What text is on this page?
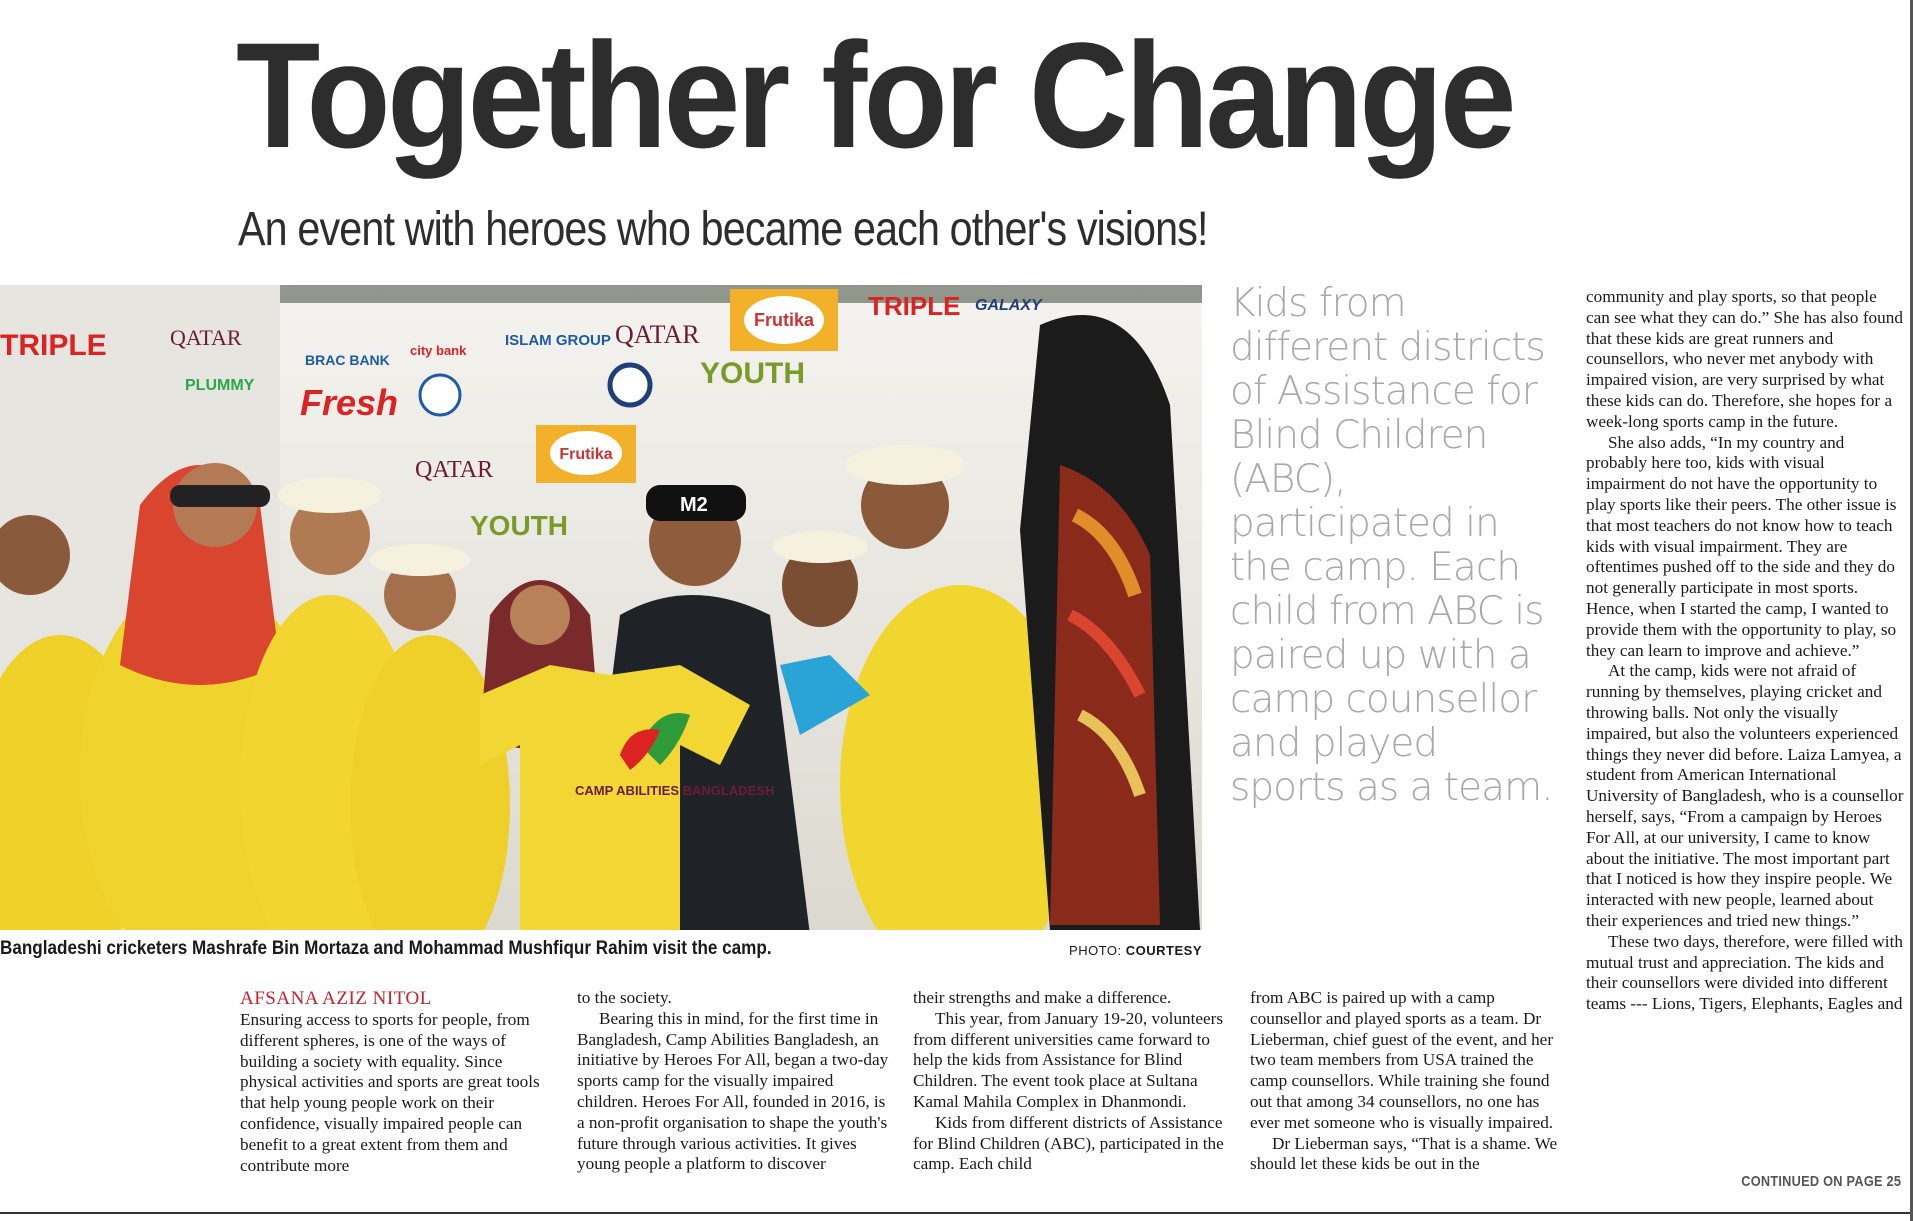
Together for Change
An event with heroes who became each other's visions!
Frutika
Frutika
BRAC BANK
city bank
ISLAM GROUP QATAR
TRIPLE GALAXY
PLUMMY Fresh
YOUTH
QATAR
YOUTH
TRIPLE	QATAR
M2
CAMP ABILITIES BANGLADESH
Bangladeshi cricketers Mashrafe Bin Mortaza and Mohammad Mushfiqur Rahim visit the camp.	PHOTO: COURTESY

Kids from different districts of Assistance for Blind Children (ABC), participated in the camp. Each child from ABC is paired up with a camp counsellor and played sports as a team.

AFSANA AZIZ NITOL

Ensuring access to sports for people, from different spheres, is one of the ways of building a society with equality. Since physical activities and sports are great tools that help young people work on their confidence, visually impaired people can benefit to a great extent from them and contribute more

to the society.

Bearing this in mind, for the first time in Bangladesh, Camp Abilities Bangladesh, an initiative by Heroes For All, began a two-day sports camp for the visually impaired children. Heroes For All, founded in 2016, is a non-profit organisation to shape the youth's future through various activities. It gives young people a platform to discover

their strengths and make a difference.

This year, from January 19-20, volunteers from different universities came forward to help the kids from Assistance for Blind Children. The event took place at Sultana Kamal Mahila Complex in Dhanmondi.

Kids from different districts of Assistance for Blind Children (ABC), participated in the camp. Each child

from ABC is paired up with a camp counsellor and played sports as a team. Dr Lieberman, chief guest of the event, and her two team members from USA trained the camp counsellors. While training she found out that among 34 counsellors, no one has ever met someone who is visually impaired.

Dr Lieberman says, “That is a shame. We should let these kids be out in the

community and play sports, so that people can see what they can do.” She has also found that these kids are great runners and counsellors, who never met anybody with impaired vision, are very surprised by what these kids can do. Therefore, she hopes for a week-long sports camp in the future.

She also adds, “In my country and probably here too, kids with visual impairment do not have the opportunity to play sports like their peers. The other issue is that most teachers do not know how to teach kids with visual impairment. They are oftentimes pushed off to the side and they do not generally participate in most sports. Hence, when I started the camp, I wanted to provide them with the opportunity to play, so they can learn to improve and achieve.”

At the camp, kids were not afraid of running by themselves, playing cricket and throwing balls. Not only the visually impaired, but also the volunteers experienced things they never did before. Laiza Lamyea, a student from American International University of Bangladesh, who is a counsellor herself, says, “From a campaign by Heroes For All, at our university, I came to know about the initiative. The most important part that I noticed is how they inspire people. We interacted with new people, learned about their experiences and tried new things.”

These two days, therefore, were filled with mutual trust and appreciation. The kids and their counsellors were divided into different teams --- Lions, Tigers, Elephants, Eagles and

CONTINUED ON PAGE 25
